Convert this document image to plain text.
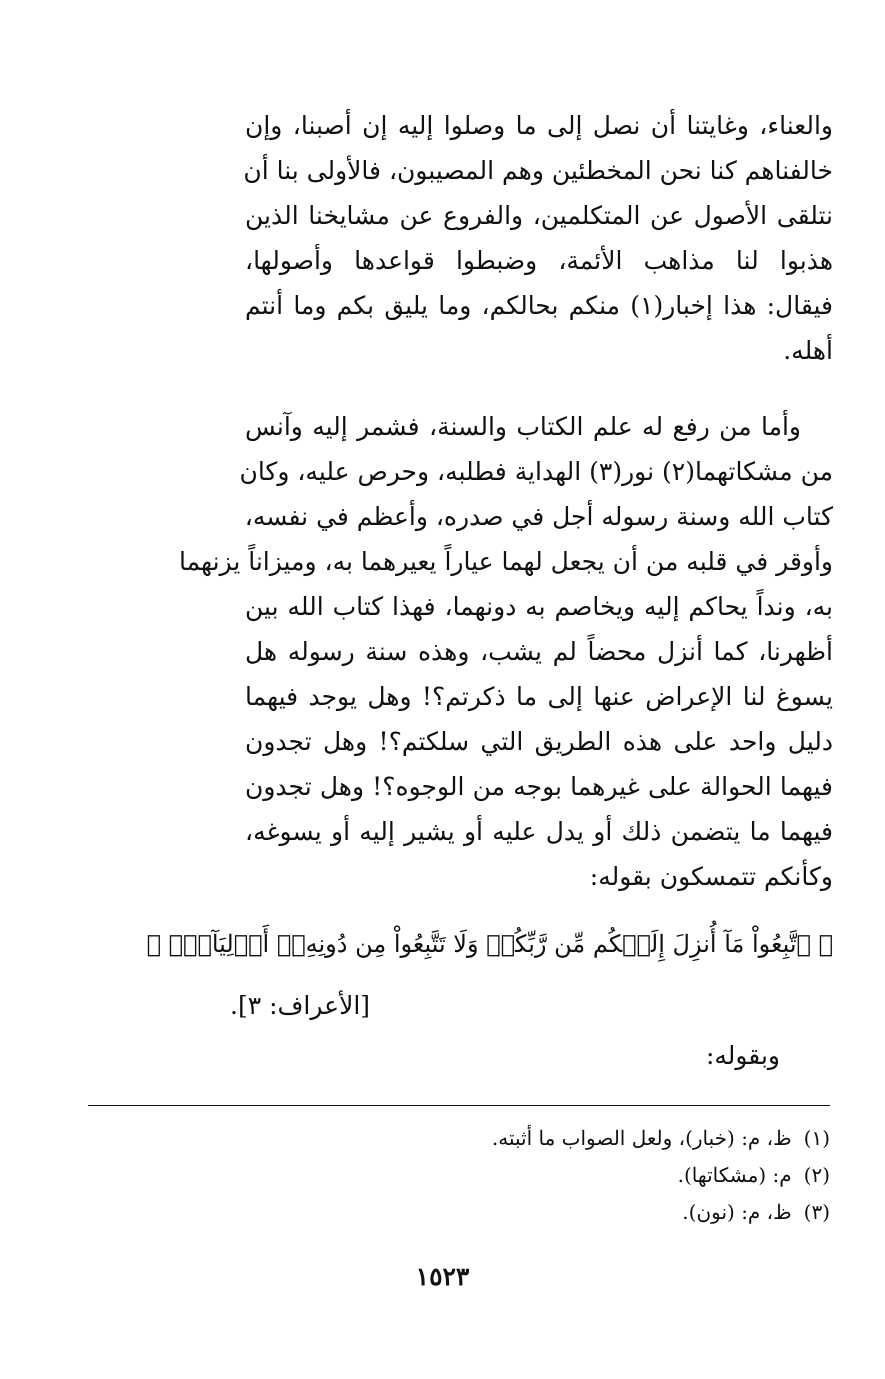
والعناء، وغايتنا أن نصل إلى ما وصلوا إليه إن أصبنا، وإن
خالفناهم كنا نحن المخطئين وهم المصيبون، فالأولى بنا أن
نتلقى الأصول عن المتكلمين، والفروع عن مشايخنا الذين
هذبوا لنا مذاهب الأئمة، وضبطوا قواعدها وأصولها،
فيقال: هذا إخبار(١) منكم بحالكم، وما يليق بكم وما أنتم
أهله.
وأما من رفع له علم الكتاب والسنة، فشمر إليه وآنس
من مشكاتهما(٢) نور(٣) الهداية فطلبه، وحرص عليه، وكان
كتاب الله وسنة رسوله أجل في صدره، وأعظم في نفسه،
وأوقر في قلبه من أن يجعل لهما عياراً يعيرهما به، وميزاناً يزنهما
به، ونداً يحاكم إليه ويخاصم به دونهما، فهذا كتاب الله بين
أظهرنا، كما أنزل محضاً لم يشب، وهذه سنة رسوله هل
يسوغ لنا الإعراض عنها إلى ما ذكرتم؟! وهل يوجد فيهما
دليل واحد على هذه الطريق التي سلكتم؟! وهل تجدون
فيهما الحوالة على غيرهما بوجه من الوجوه؟! وهل تجدون
فيهما ما يتضمن ذلك أو يدل عليه أو يشير إليه أو يسوغه،
وكأنكم تتمسكون بقوله:
﴿ ٱتَّبِعُواْ مَآ أُنزِلَ إِلَيۡكُم مِّن رَّبِّكُمۡ وَلَا تَتَّبِعُواْ مِن دُونِهِۦٓ أَوۡلِيَآءَۗ ﴾
[الأعراف: ٣].
وبقوله:
(١)ظ، م: (خبار)، ولعل الصواب ما أثبته.
(٢)م: (مشكاتها).
(٣)ظ، م: (نون).
١٥٢٣
